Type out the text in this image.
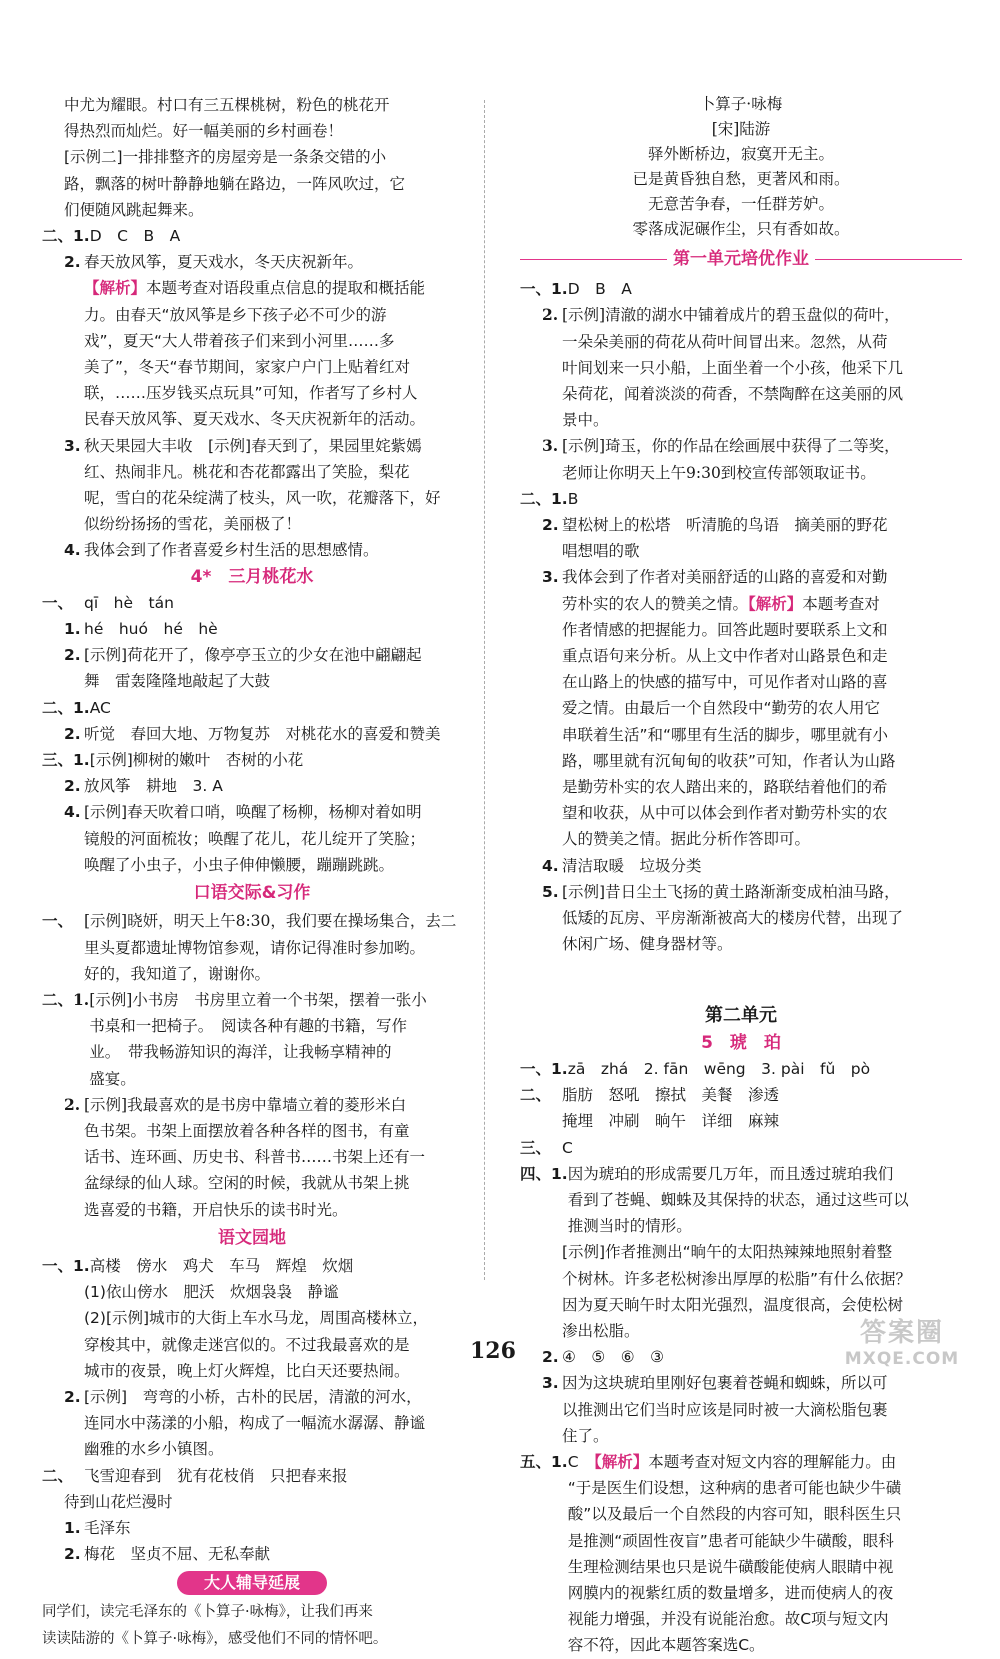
中尤为耀眼。村口有三五棵桃树，粉色的桃花开
得热烈而灿烂。好一幅美丽的乡村画卷！
[示例二]一排排整齐的房屋旁是一条条交错的小
路，飘落的树叶静静地躺在路边，一阵风吹过，它
们便随风跳起舞来。
二、1. D　C　B　A
2. 春天放风筝，夏天戏水，冬天庆祝新年。
【解析】本题考查对语段重点信息的提取和概括能
力。由春天“放风筝是乡下孩子必不可少的游
戏”，夏天“大人带着孩子们来到小河里……多
美了”，冬天“春节期间，家家户户门上贴着红对
联，……压岁钱买点玩具”可知，作者写了乡村人
民春天放风筝、夏天戏水、冬天庆祝新年的活动。
3. 秋天果园大丰收　[示例]春天到了，果园里姹紫嫣
红、热闹非凡。桃花和杏花都露出了笑脸，梨花
呢，雪白的花朵绽满了枝头，风一吹，花瓣落下，好
似纷纷扬扬的雪花，美丽极了！
4. 我体会到了作者喜爱乡村生活的思想感情。
4*　三月桃花水
一、 qī　hè　tán
1. hé　huó　hé　hè
2. [示例]荷花开了，像亭亭玉立的少女在池中翩翩起
舞　雷轰隆隆地敲起了大鼓
二、1. AC
2. 听觉　春回大地、万物复苏　对桃花水的喜爱和赞美
三、1. [示例]柳树的嫩叶　杏树的小花
2. 放风筝　耕地　3. A
4. [示例]春天吹着口哨，唤醒了杨柳，杨柳对着如明
镜般的河面梳妆；唤醒了花儿，花儿绽开了笑脸；
唤醒了小虫子，小虫子伸伸懒腰，蹦蹦跳跳。
口语交际&习作
一、 [示例]晓妍，明天上午8:30，我们要在操场集合，去二
里头夏都遗址博物馆参观，请你记得准时参加哟。
好的，我知道了，谢谢你。
二、1. [示例]小书房　书房里立着一个书架，摆着一张小
书桌和一把椅子。　阅读各种有趣的书籍，写作
业。　带我畅游知识的海洋，让我畅享精神的
盛宴。
2. [示例]我最喜欢的是书房中靠墙立着的菱形米白
色书架。书架上面摆放着各种各样的图书，有童
话书、连环画、历史书、科普书……书架上还有一
盆绿绿的仙人球。空闲的时候，我就从书架上挑
选喜爱的书籍，开启快乐的读书时光。
语文园地
一、1. 高楼　傍水　鸡犬　车马　辉煌　炊烟
(1)依山傍水　肥沃　炊烟袅袅　静谧
(2)[示例]城市的大街上车水马龙，周围高楼林立，
穿梭其中，就像走迷宫似的。不过我最喜欢的是
城市的夜景，晚上灯火辉煌，比白天还要热闹。
2. [示例]　弯弯的小桥，古朴的民居，清澈的河水，
连同水中荡漾的小船，构成了一幅流水潺潺、静谧
幽雅的水乡小镇图。
二、 飞雪迎春到　犹有花枝俏　只把春来报
待到山花烂漫时
1. 毛泽东
2. 梅花　坚贞不屈、无私奉献
大人辅导延展
同学们，读完毛泽东的《卜算子·咏梅》，让我们再来
读读陆游的《卜算子·咏梅》，感受他们不同的情怀吧。
卜算子·咏梅
[宋]陆游
驿外断桥边，寂寞开无主。
已是黄昏独自愁，更著风和雨。
无意苦争春，一任群芳妒。
零落成泥碾作尘，只有香如故。
第一单元培优作业
一、1. D　B　A
2. [示例]清澈的湖水中铺着成片的碧玉盘似的荷叶，
一朵朵美丽的荷花从荷叶间冒出来。忽然，从荷
叶间划来一只小船，上面坐着一个小孩，他采下几
朵荷花，闻着淡淡的荷香，不禁陶醉在这美丽的风
景中。
3. [示例]琦玉，你的作品在绘画展中获得了二等奖，
老师让你明天上午9:30到校宣传部领取证书。
二、1. B
2. 望松树上的松塔　听清脆的鸟语　摘美丽的野花
唱想唱的歌
3. 我体会到了作者对美丽舒适的山路的喜爱和对勤
劳朴实的农人的赞美之情。【解析】本题考查对
作者情感的把握能力。回答此题时要联系上文和
重点语句来分析。从上文中作者对山路景色和走
在山路上的快感的描写中，可见作者对山路的喜
爱之情。由最后一个自然段中“勤劳的农人用它
串联着生活”和“哪里有生活的脚步，哪里就有小
路，哪里就有沉甸甸的收获”可知，作者认为山路
是勤劳朴实的农人踏出来的，路联结着他们的希
望和收获，从中可以体会到作者对勤劳朴实的农
人的赞美之情。据此分析作答即可。
4. 清洁取暖　垃圾分类
5. [示例]昔日尘土飞扬的黄土路渐渐变成柏油马路，
低矮的瓦房、平房渐渐被高大的楼房代替，出现了
休闲广场、健身器材等。
第二单元
5　琥　珀
一、1. zā　zhá　2. fān　wēng　3. pài　fǔ　pò
二、 脂肪　怒吼　擦拭　美餐　渗透
掩埋　冲刷　晌午　详细　麻辣
三、 C
四、1. 因为琥珀的形成需要几万年，而且透过琥珀我们
看到了苍蝇、蜘蛛及其保持的状态，通过这些可以
推测当时的情形。
[示例]作者推测出“晌午的太阳热辣辣地照射着整
个树林。许多老松树渗出厚厚的松脂”有什么依据？
因为夏天晌午时太阳光强烈，温度很高，会使松树
渗出松脂。
2. ④　⑤　⑥　③
3. 因为这块琥珀里刚好包裹着苍蝇和蜘蛛，所以可
以推测出它们当时应该是同时被一大滴松脂包裹
住了。
五、1. C　【解析】本题考查对短文内容的理解能力。由
“于是医生们设想，这种病的患者可能也缺少牛磺
酸”以及最后一个自然段的内容可知，眼科医生只
是推测“顽固性夜盲”患者可能缺少牛磺酸，眼科
生理检测结果也只是说牛磺酸能使病人眼睛中视
网膜内的视紫红质的数量增多，进而使病人的夜
视能力增强，并没有说能治愈。故C项与短文内
容不符，因此本题答案选C。
126
答案圈
MXQE.COM
